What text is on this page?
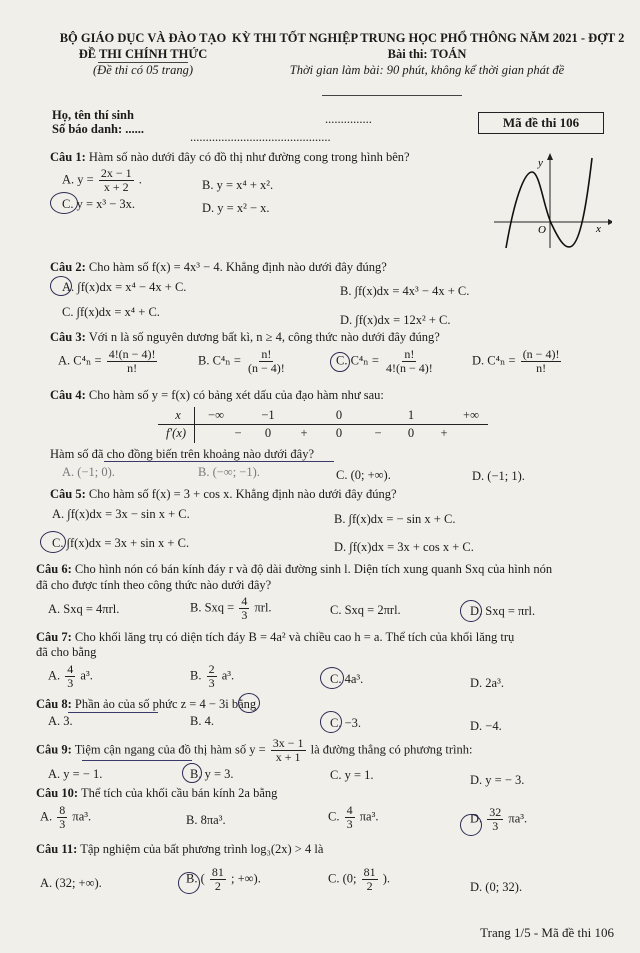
BỘ GIÁO DỤC VÀ ĐÀO TẠO
ĐỀ THI CHÍNH THỨC
(Đề thi có 05 trang)
KỲ THI TỐT NGHIỆP TRUNG HỌC PHỔ THÔNG NĂM 2021 - ĐỢT 2
Bài thi: TOÁN
Thời gian làm bài: 90 phút, không kể thời gian phát đề
Họ, tên thí sinh
Số báo danh: ......
...............
.............................................
Mã đề thi 106
Câu 1: Hàm số nào dưới đây có đồ thị như đường cong trong hình bên?
A. $y = \frac{2x - 1}{x + 2}$ .	B. y = x⁴ + x².
C. y = x³ − 3x.	D. y = x² − x.
y
x
O
Câu 2: Cho hàm số f(x) = 4x³ − 4. Khẳng định nào dưới đây đúng?
A. ∫f(x)dx = x⁴ − 4x + C.	B. ∫f(x)dx = 4x³ − 4x + C.
C. ∫f(x)dx = x⁴ + C.
D. ∫f(x)dx = 12x² + C.
Câu 3: Với n là số nguyên dương bất kì, n ≥ 4, công thức nào dưới đây đúng?
A. $C^4_n = \frac{4!(n - 4)!}{n!}$	B. $C^4_n = \frac{n!}{(n - 4)!}$	C. $C^4_n = \frac{n!}{4!(n - 4)!}$	D. $C^4_n = \frac{(n - 4)!}{n!}$
Câu 4: Cho hàm số y = f(x) có bảng xét dấu của đạo hàm như sau:
x	−∞	−1	0	1	+∞
f′(x)	−	0	+	0	−	0	+
Hàm số đã cho đồng biến trên khoảng nào dưới đây?
A. (−1; 0).	B. (−∞; −1).	C. (0; +∞).	D. (−1; 1).
Câu 5: Cho hàm số f(x) = 3 + cos x. Khẳng định nào dưới đây đúng?
A. ∫f(x)dx = 3x − sin x + C.	B. ∫f(x)dx = − sin x + C.
C. ∫f(x)dx = 3x + sin x + C.	D. ∫f(x)dx = 3x + cos x + C.
Câu 6: Cho hình nón có bán kính đáy r và độ dài đường sinh l. Diện tích xung quanh Sxq của hình nón
đã cho được tính theo công thức nào dưới đây?
A. Sxq = 4πrl.	B. Sxq = $\frac{4}{3} \pi rl$.	C. Sxq = 2πrl.	D. Sxq = πrl.
Câu 7: Cho khối lăng trụ có diện tích đáy B = 4a² và chiều cao h = a. Thể tích của khối lăng trụ
đã cho bằng
A. $\frac{4}{3} a^3$.	B. $\frac{2}{3} a^3$.	C. 4a³.	D. 2a³.
Câu 8: Phần ảo của số phức z = 4 − 3i bằng
A. 3.	B. 4.	C. −3.	D. −4.
Câu 9: Tiệm cận ngang của đồ thị hàm số $y = \frac{3x - 1}{x + 1}$ là đường thẳng có phương trình:
A. y = − 1.	B. y = 3.	C. y = 1.	D. y = − 3.
Câu 10: Thể tích của khối cầu bán kính 2a bằng
A. $\frac{8}{3} \pi a^3$.	B. 8πa³.	C. $\frac{4}{3} \pi a^3$.	D. $\frac{32}{3} \pi a^3$.
Câu 11: Tập nghiệm của bất phương trình log₃(2x) > 4 là
A. (32; +∞).	B. ( $\frac{81}{2}$ ; +∞).	C. (0; $\frac{81}{2}$ ).
D. (0; 32).
Trang 1/5 - Mã đề thi 106
